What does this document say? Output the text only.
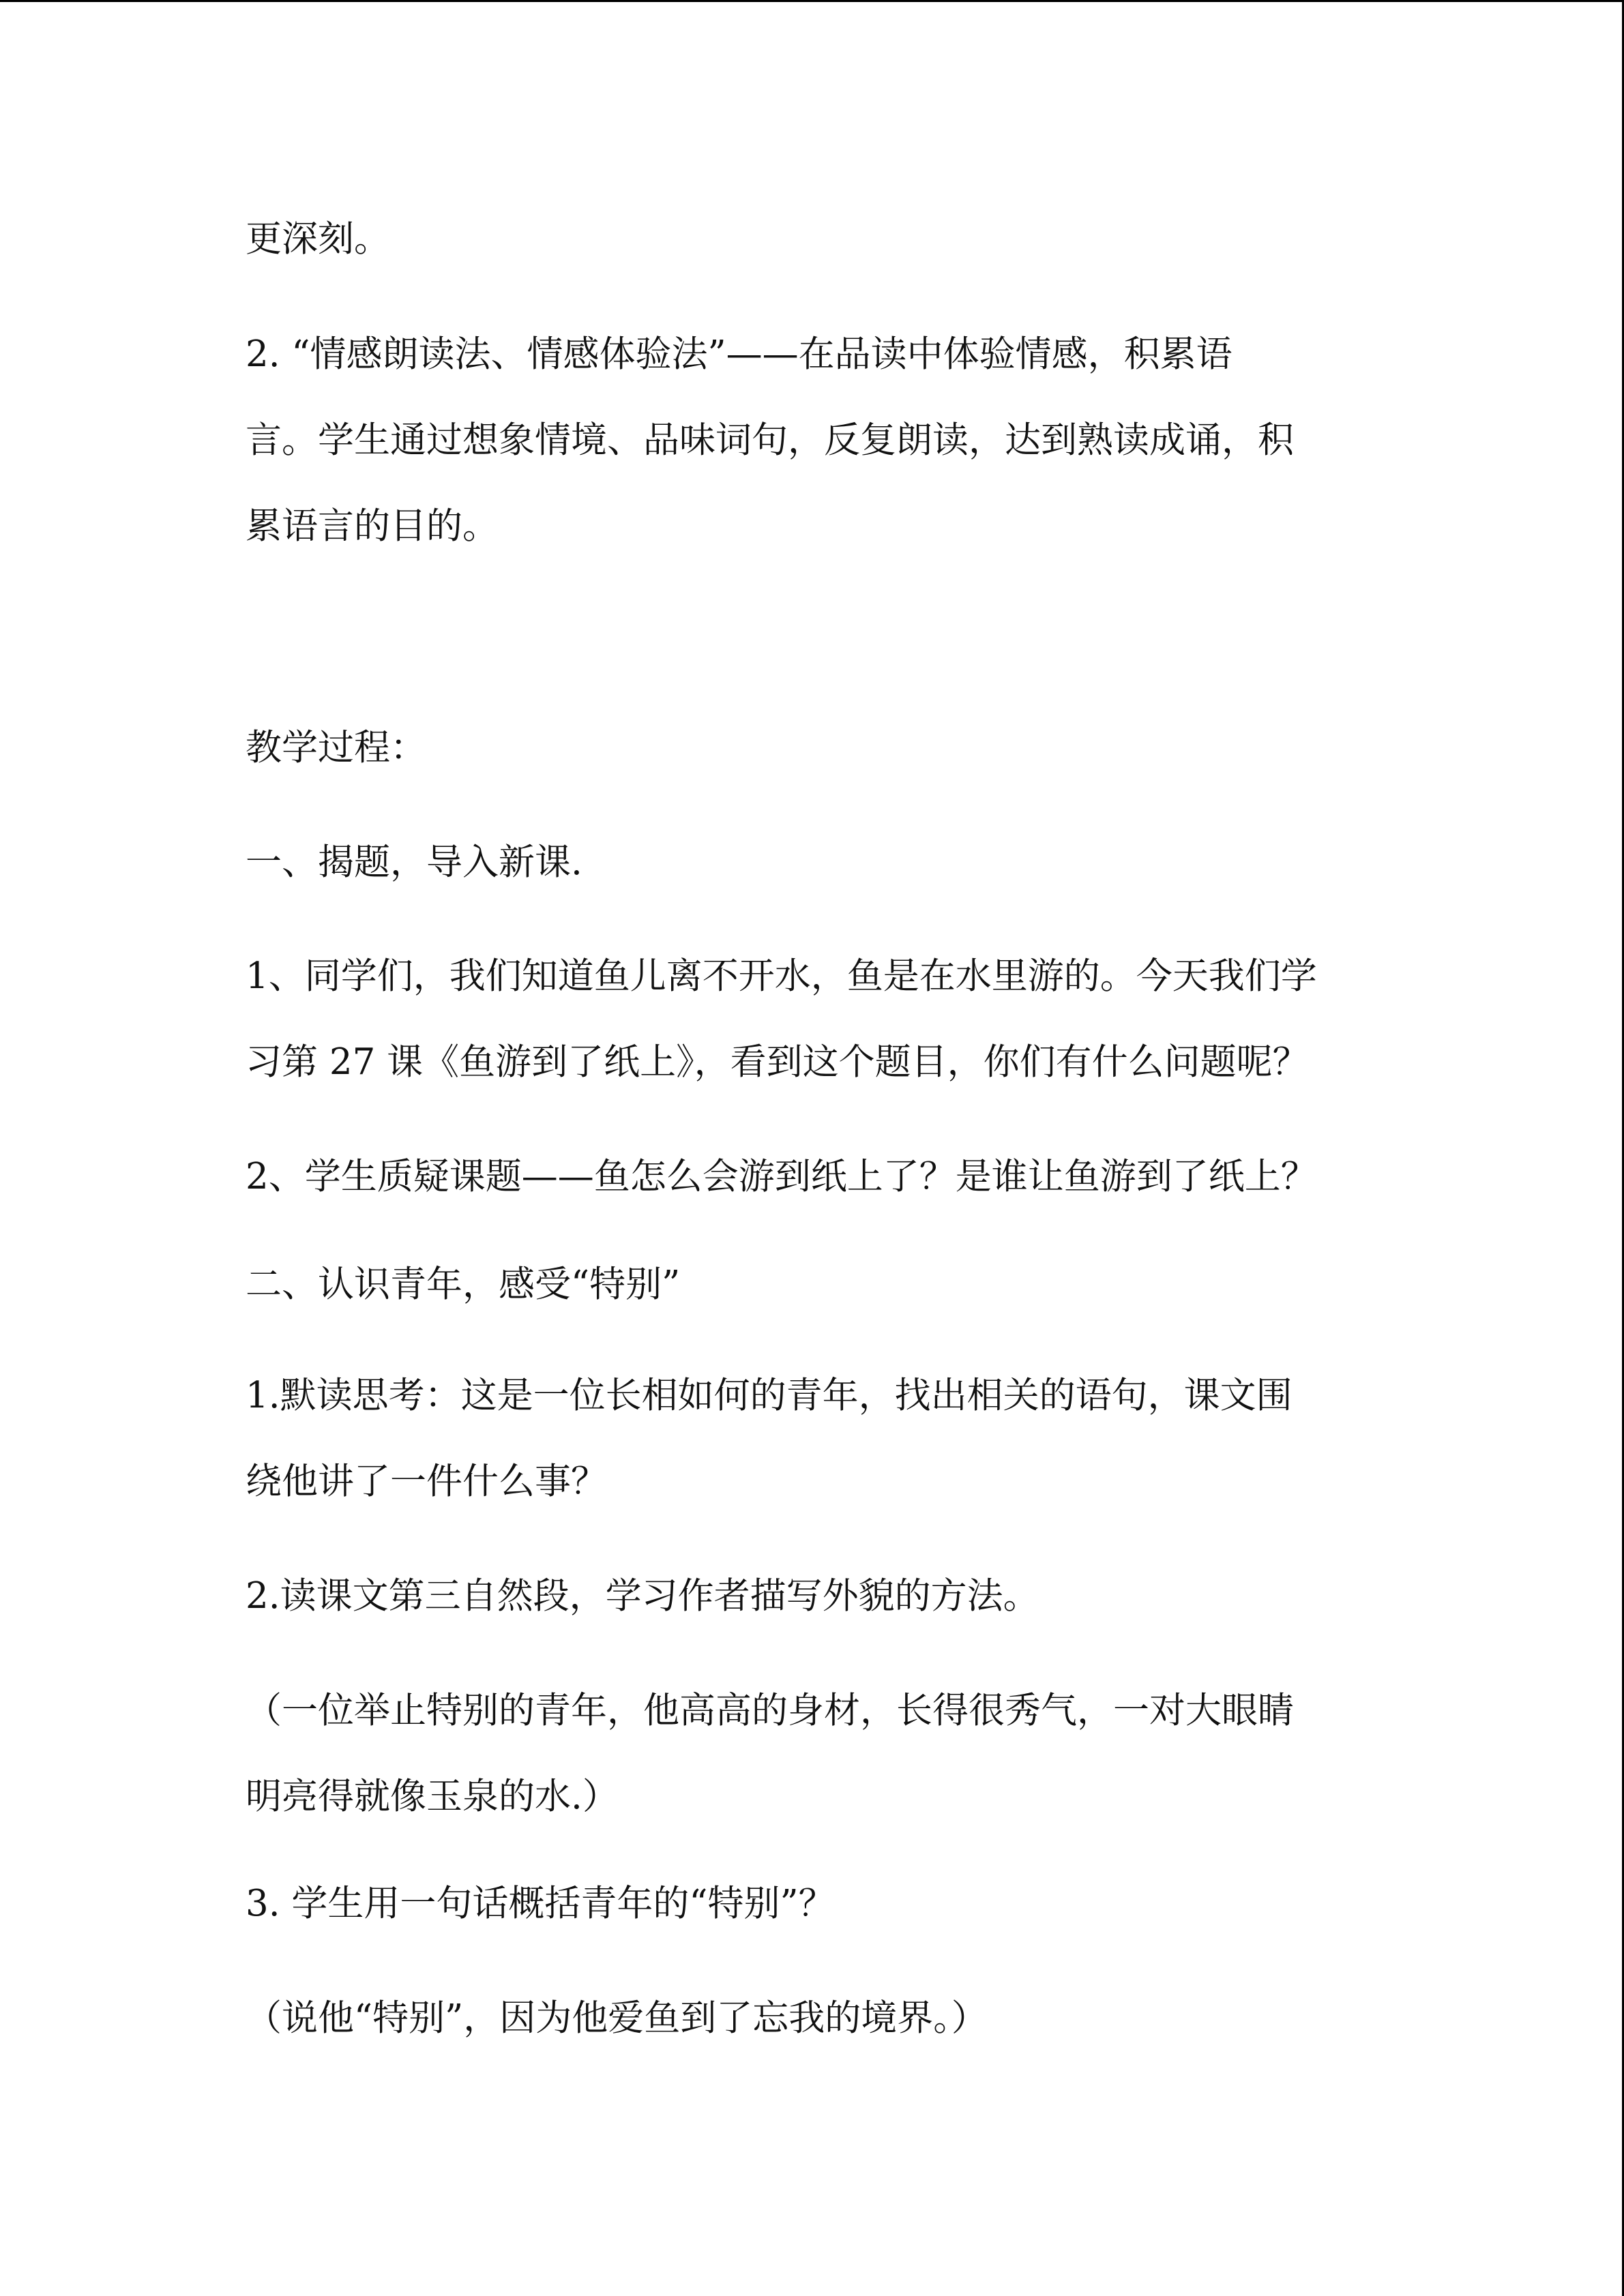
更深刻。

2. “情感朗读法、情感体验法”——在品读中体验情感，积累语

言。学生通过想象情境、品味词句，反复朗读，达到熟读成诵，积

累语言的目的。

教学过程：

一、揭题，导入新课.

1、同学们，我们知道鱼儿离不开水，鱼是在水里游的。今天我们学

习第 27 课《鱼游到了纸上》，看到这个题目，你们有什么问题呢？

2、学生质疑课题——鱼怎么会游到纸上了？是谁让鱼游到了纸上？

二、认识青年，感受“特别”

1.默读思考：这是一位长相如何的青年，找出相关的语句，课文围

绕他讲了一件什么事？

2.读课文第三自然段，学习作者描写外貌的方法。

（一位举止特别的青年，他高高的身材，长得很秀气，一对大眼睛

明亮得就像玉泉的水.）

3. 学生用一句话概括青年的“特别”？

（说他“特别”，因为他爱鱼到了忘我的境界。）
